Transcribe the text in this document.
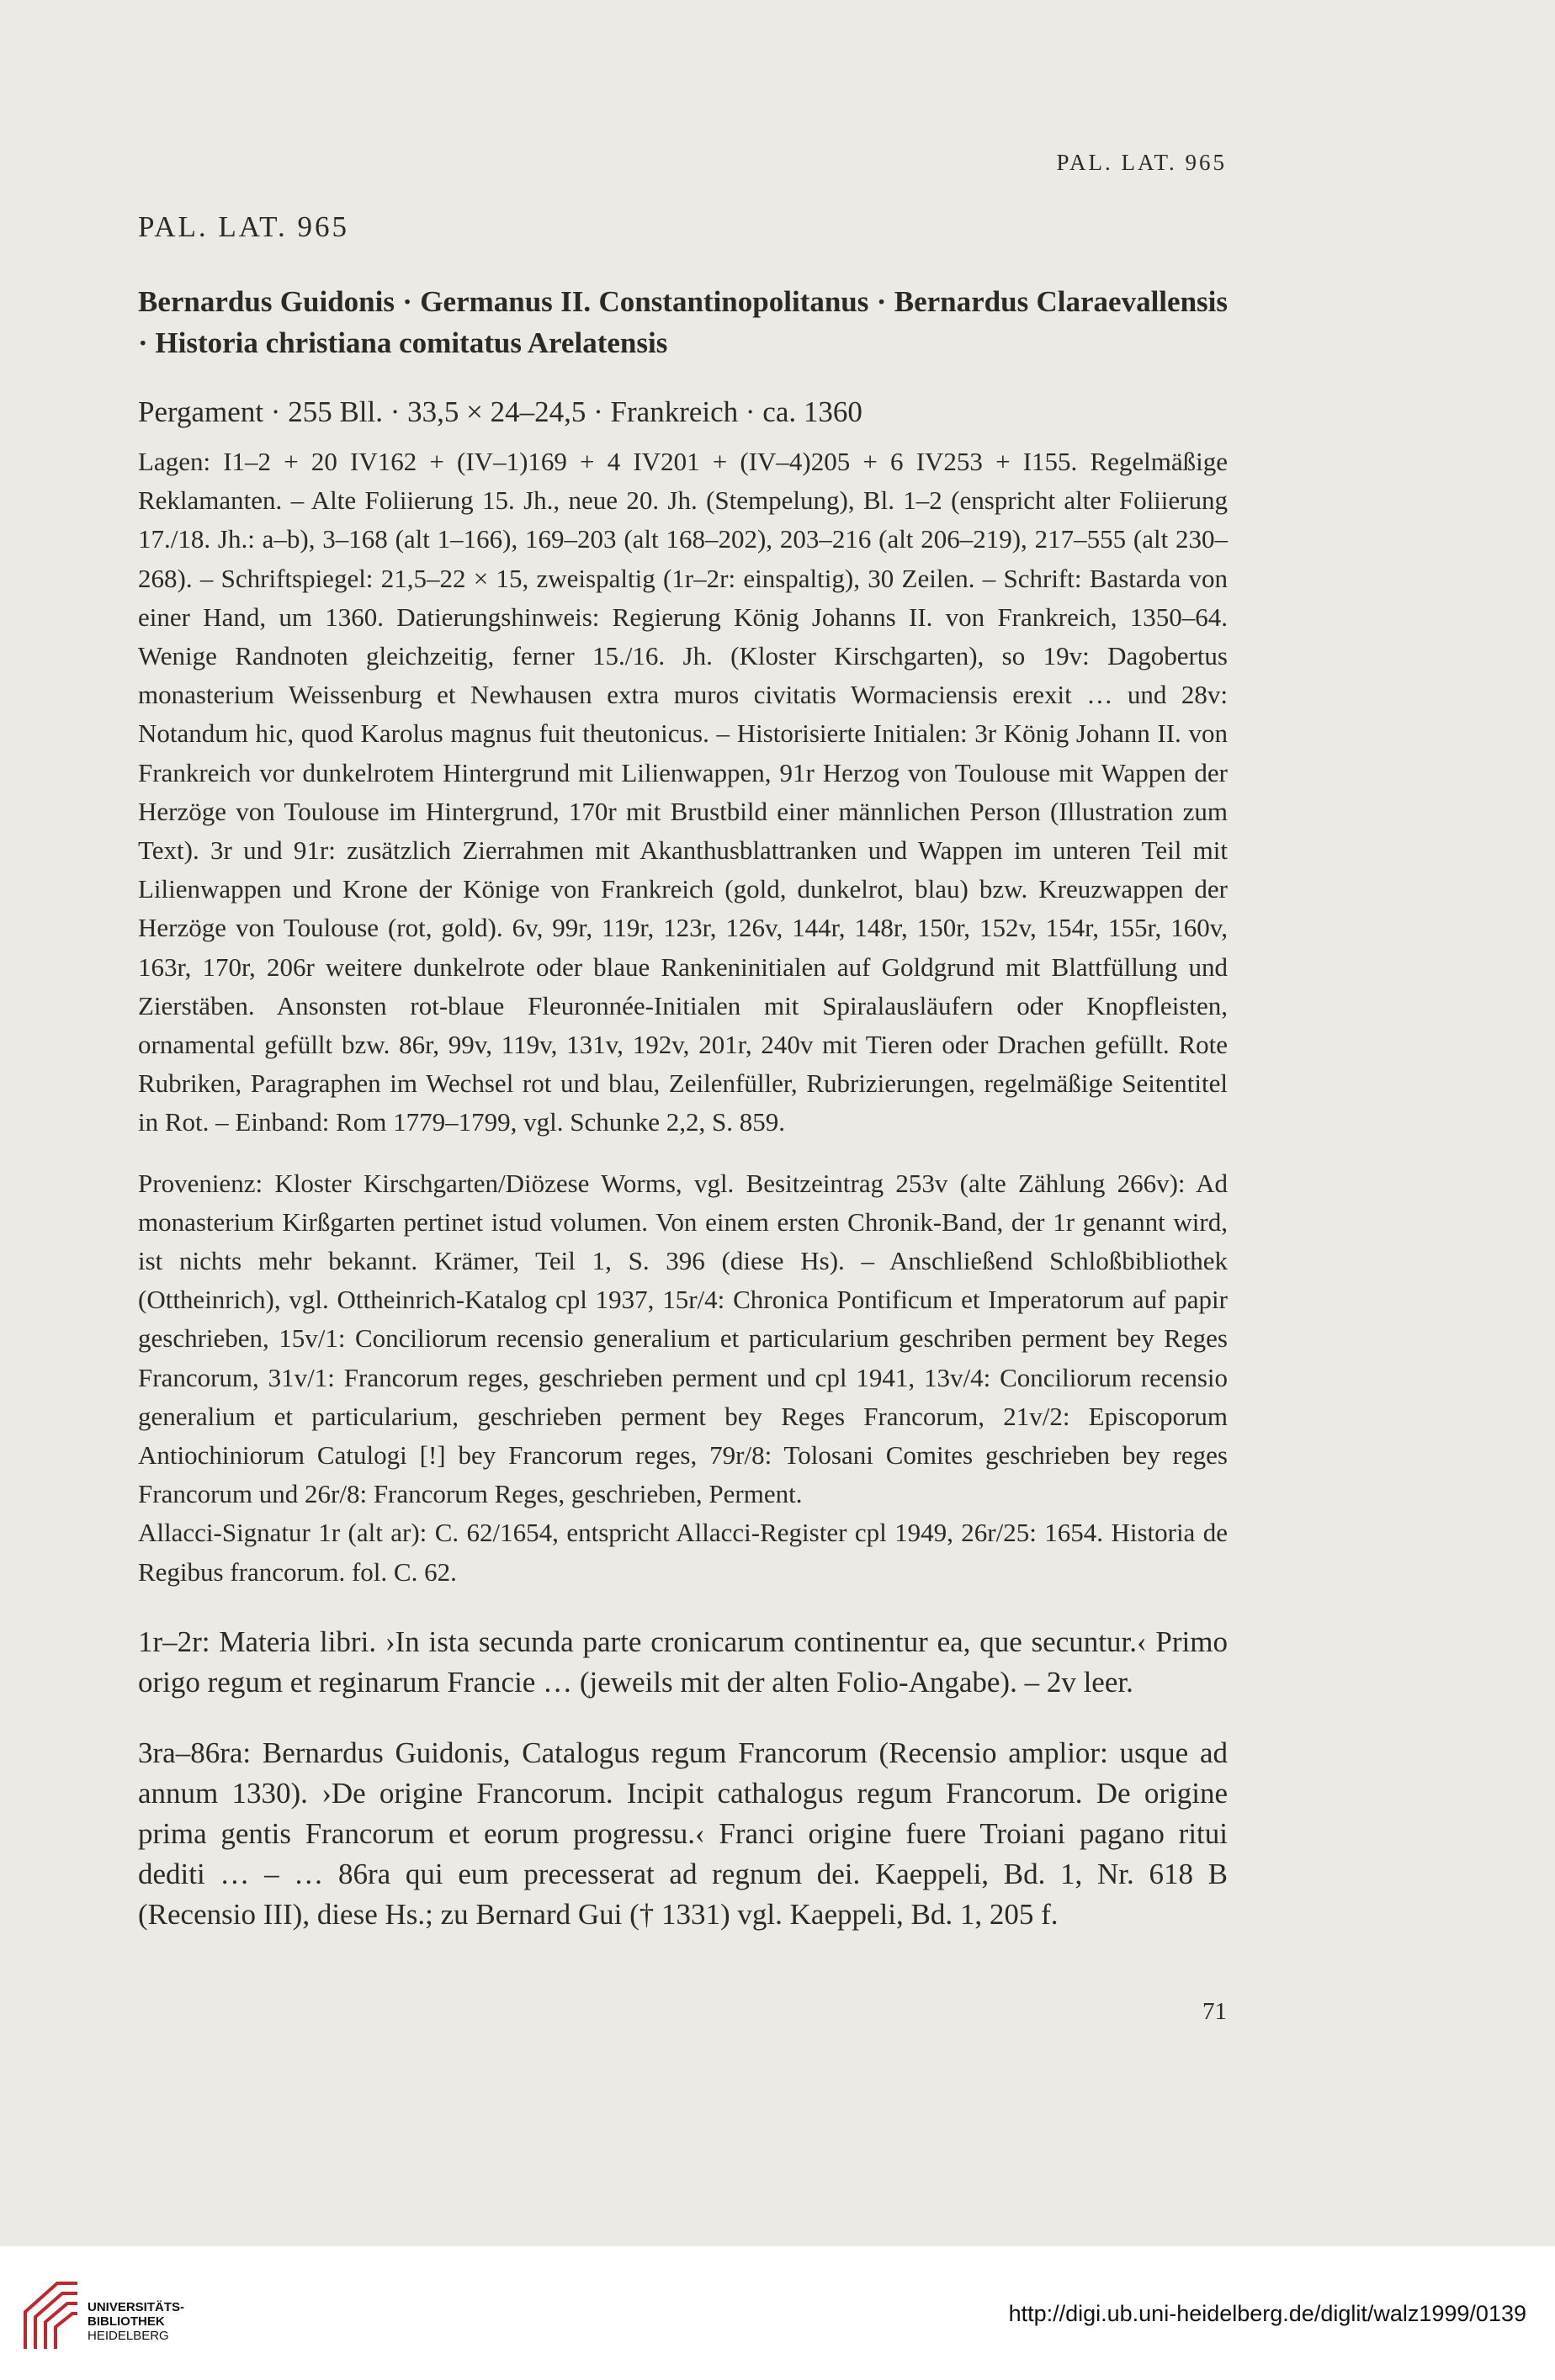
PAL. LAT. 965
PAL. LAT. 965
Bernardus Guidonis · Germanus II. Constantinopolitanus · Bernardus Claraevallensis · Historia christiana comitatus Arelatensis
Pergament · 255 Bll. · 33,5 × 24–24,5 · Frankreich · ca. 1360

Lagen: I1–2 + 20 IV162 + (IV–1)169 + 4 IV201 + (IV–4)205 + 6 IV253 + I155. Regelmäßige Reklamanten. – Alte Foliierung 15. Jh., neue 20. Jh. (Stempelung), Bl. 1–2 (enspricht alter Foliierung 17./18. Jh.: a–b), 3–168 (alt 1–166), 169–203 (alt 168–202), 203–216 (alt 206–219), 217–555 (alt 230–268). – Schriftspiegel: 21,5–22 × 15, zweispaltig (1r–2r: einspaltig), 30 Zeilen. – Schrift: Bastarda von einer Hand, um 1360. Datierungshinweis: Regierung König Johanns II. von Frankreich, 1350–64. Wenige Randnoten gleichzeitig, ferner 15./16. Jh. (Kloster Kirschgarten), so 19v: Dagobertus monasterium Weissenburg et Newhausen extra muros civitatis Wormaciensis erexit … und 28v: Notandum hic, quod Karolus magnus fuit theutonicus. – Historisierte Initialen: 3r König Johann II. von Frankreich vor dunkelrotem Hintergrund mit Lilienwappen, 91r Herzog von Toulouse mit Wappen der Herzöge von Toulouse im Hintergrund, 170r mit Brustbild einer männlichen Person (Illustration zum Text). 3r und 91r: zusätzlich Zierrahmen mit Akanthusblattranken und Wappen im unteren Teil mit Lilienwappen und Krone der Könige von Frankreich (gold, dunkelrot, blau) bzw. Kreuzwappen der Herzöge von Toulouse (rot, gold). 6v, 99r, 119r, 123r, 126v, 144r, 148r, 150r, 152v, 154r, 155r, 160v, 163r, 170r, 206r weitere dunkelrote oder blaue Rankeninitialen auf Goldgrund mit Blattfüllung und Zierstäben. Ansonsten rot-blaue Fleuronnée-Initialen mit Spiralausläufern oder Knopfleisten, ornamental gefüllt bzw. 86r, 99v, 119v, 131v, 192v, 201r, 240v mit Tieren oder Drachen gefüllt. Rote Rubriken, Paragraphen im Wechsel rot und blau, Zeilenfüller, Rubrizierungen, regelmäßige Seitentitel in Rot. – Einband: Rom 1779–1799, vgl. Schunke 2,2, S. 859.

Provenienz: Kloster Kirschgarten/Diözese Worms, vgl. Besitzeintrag 253v (alte Zählung 266v): Ad monasterium Kirßgarten pertinet istud volumen. Von einem ersten Chronik-Band, der 1r genannt wird, ist nichts mehr bekannt. Krämer, Teil 1, S. 396 (diese Hs). – Anschließend Schloßbibliothek (Ottheinrich), vgl. Ottheinrich-Katalog cpl 1937, 15r/4: Chronica Pontificum et Imperatorum auf papir geschrieben, 15v/1: Conciliorum recensio generalium et particularium geschriben perment bey Reges Francorum, 31v/1: Francorum reges, geschrieben perment und cpl 1941, 13v/4: Conciliorum recensio generalium et particularium, geschrieben perment bey Reges Francorum, 21v/2: Episcoporum Antiochiniorum Catulogi [!] bey Francorum reges, 79r/8: Tolosani Comites geschrieben bey reges Francorum und 26r/8: Francorum Reges, geschrieben, Perment.

Allacci-Signatur 1r (alt ar): C. 62/1654, entspricht Allacci-Register cpl 1949, 26r/25: 1654. Historia de Regibus francorum. fol. C. 62.

1r–2r: Materia libri. ›In ista secunda parte cronicarum continentur ea, que secuntur.‹ Primo origo regum et reginarum Francie … (jeweils mit der alten Folio-Angabe). – 2v leer.

3ra–86ra: Bernardus Guidonis, Catalogus regum Francorum (Recensio amplior: usque ad annum 1330). ›De origine Francorum. Incipit cathalogus regum Francorum. De origine prima gentis Francorum et eorum progressu.‹ Franci origine fuere Troiani pagano ritui dediti … – … 86ra qui eum precesserat ad regnum dei. Kaeppeli, Bd. 1, Nr. 618 B (Recensio III), diese Hs.; zu Bernard Gui († 1331) vgl. Kaeppeli, Bd. 1, 205 f.

71
UNIVERSITÄTS-
BIBLIOTHEK
HEIDELBERG
http://digi.ub.uni-heidelberg.de/diglit/walz1999/0139
